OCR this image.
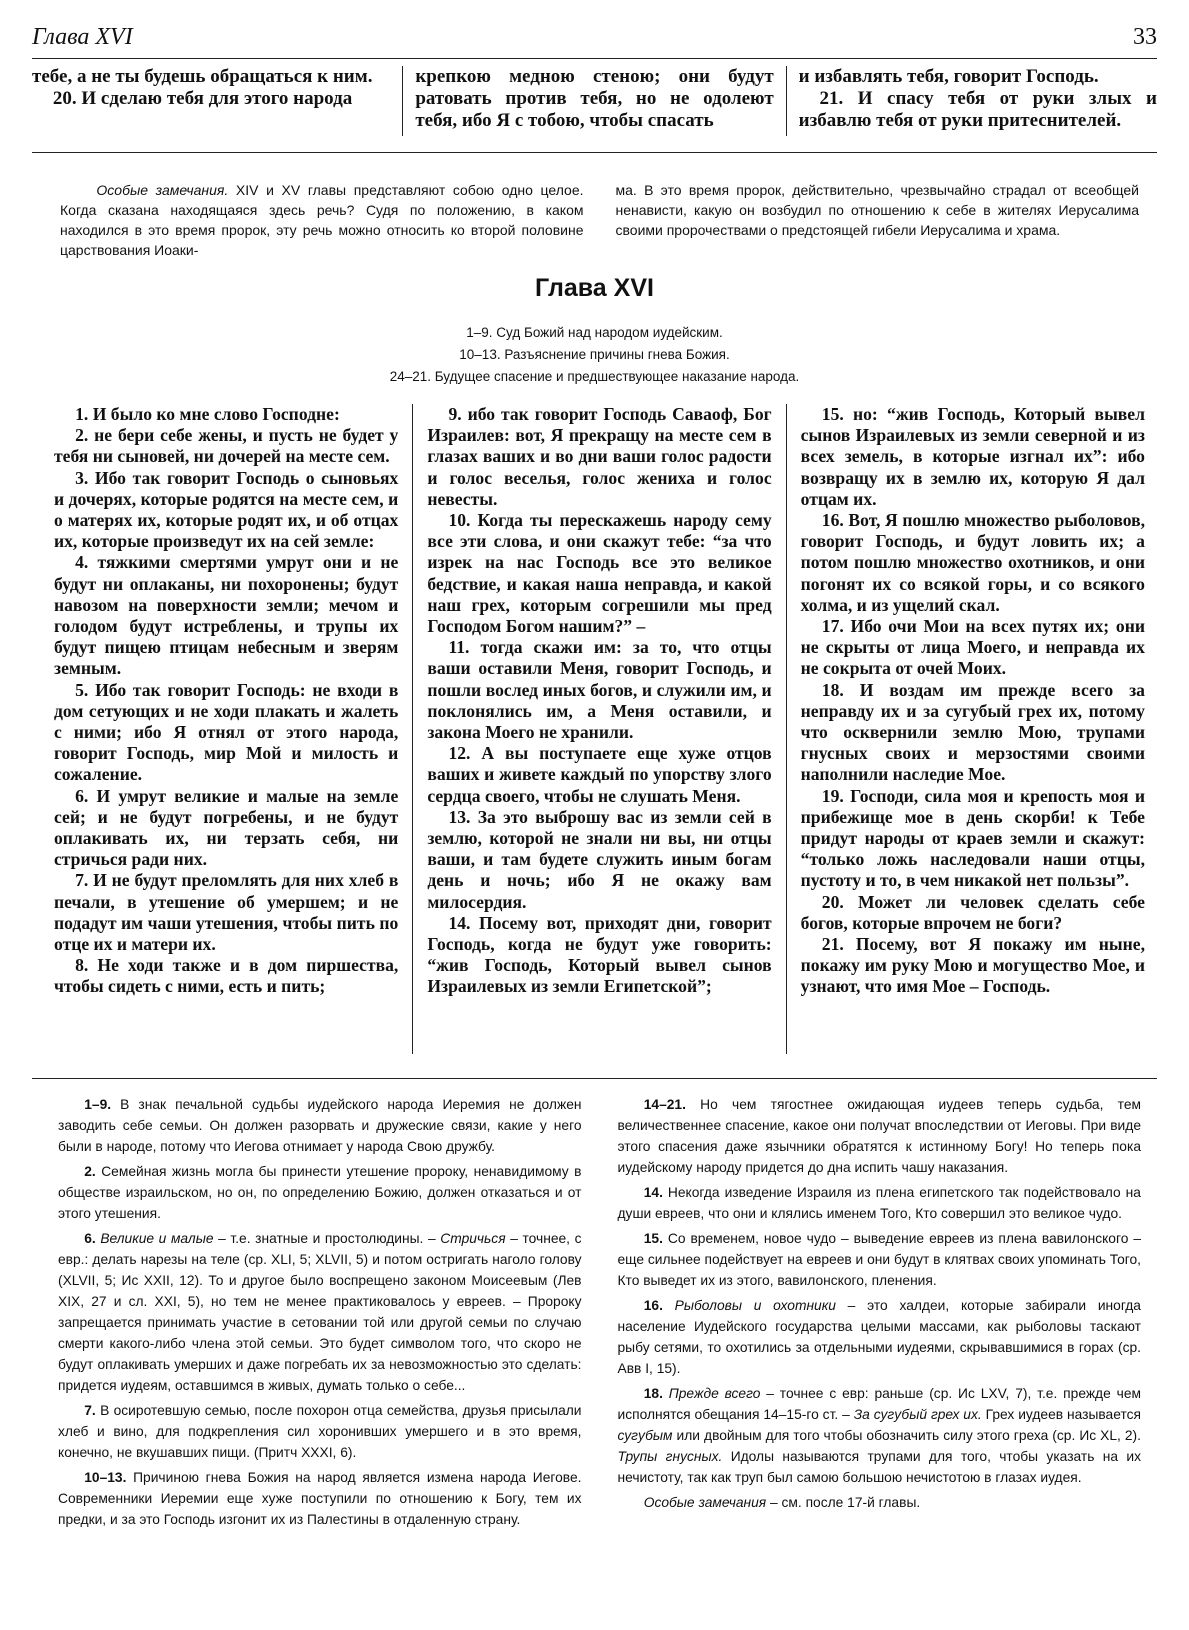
Глава XVI	33

тебе, а не ты будешь обращаться к ним.

20. И сделаю тебя для этого народа

крепкою медною стеною; они будут ратовать против тебя, но не одолеют тебя, ибо Я с тобою, чтобы спасать

и избавлять тебя, говорит Господь.

21. И спасу тебя от руки злых и избавлю тебя от руки притеснителей.

Особые замечания. XIV и XV главы представляют собою одно целое. Когда сказана находящаяся здесь речь? Судя по положению, в каком находился в это время пророк, эту речь можно относить ко второй половине царствования Иоаки-

ма. В это время пророк, действительно, чрезвычайно страдал от всеобщей ненависти, какую он возбудил по отношению к себе в жителях Иерусалима своими пророчествами о предстоящей гибели Иерусалима и храма.

Глава XVI
1–9. Суд Божий над народом иудейским.
10–13. Разъяснение причины гнева Божия.
24–21. Будущее спасение и предшествующее наказание народа.

1. И было ко мне слово Господне:

2. не бери себе жены, и пусть не будет у тебя ни сыновей, ни дочерей на месте сем.

3. Ибо так говорит Господь о сыновьях и дочерях, которые родятся на месте сем, и о матерях их, которые родят их, и об отцах их, которые произведут их на сей земле:

4. тяжкими смертями умрут они и не будут ни оплаканы, ни похоронены; будут навозом на поверхности земли; мечом и голодом будут истреблены, и трупы их будут пищею птицам небесным и зверям земным.

5. Ибо так говорит Господь: не входи в дом сетующих и не ходи плакать и жалеть с ними; ибо Я отнял от этого народа, говорит Господь, мир Мой и милость и сожаление.

6. И умрут великие и малые на земле сей; и не будут погребены, и не будут оплакивать их, ни терзать себя, ни стричься ради них.

7. И не будут преломлять для них хлеб в печали, в утешение об умершем; и не подадут им чаши утешения, чтобы пить по отце их и матери их.

8. Не ходи также и в дом пиршества, чтобы сидеть с ними, есть и пить;

9. ибо так говорит Господь Саваоф, Бог Израилев: вот, Я прекращу на месте сем в глазах ваших и во дни ваши голос радости и голос веселья, голос жениха и голос невесты.

10. Когда ты перескажешь народу сему все эти слова, и они скажут тебе: “за что изрек на нас Господь все это великое бедствие, и какая наша неправда, и какой наш грех, которым согрешили мы пред Господом Богом нашим?” –

11. тогда скажи им: за то, что отцы ваши оставили Меня, говорит Господь, и пошли вослед иных богов, и служили им, и поклонялись им, а Меня оставили, и закона Моего не хранили.

12. А вы поступаете еще хуже отцов ваших и живете каждый по упорству злого сердца своего, чтобы не слушать Меня.

13. За это выброшу вас из земли сей в землю, которой не знали ни вы, ни отцы ваши, и там будете служить иным богам день и ночь; ибо Я не окажу вам милосердия.

14. Посему вот, приходят дни, говорит Господь, когда не будут уже говорить: “жив Господь, Который вывел сынов Израилевых из земли Египетской”;

15. но: “жив Господь, Который вывел сынов Израилевых из земли северной и из всех земель, в которые изгнал их”: ибо возвращу их в землю их, которую Я дал отцам их.

16. Вот, Я пошлю множество рыболовов, говорит Господь, и будут ловить их; а потом пошлю множество охотников, и они погонят их со всякой горы, и со всякого холма, и из ущелий скал.

17. Ибо очи Мои на всех путях их; они не скрыты от лица Моего, и неправда их не сокрыта от очей Моих.

18. И воздам им прежде всего за неправду их и за сугубый грех их, потому что осквернили землю Мою, трупами гнусных своих и мерзостями своими наполнили наследие Мое.

19. Господи, сила моя и крепость моя и прибежище мое в день скорби! к Тебе придут народы от краев земли и скажут: “только ложь наследовали наши отцы, пустоту и то, в чем никакой нет пользы”.

20. Может ли человек сделать себе богов, которые впрочем не боги?

21. Посему, вот Я покажу им ныне, покажу им руку Мою и могущество Мое, и узнают, что имя Мое – Господь.

1–9. В знак печальной судьбы иудейского народа Иеремия не должен заводить себе семьи. Он должен разорвать и дружеские связи, какие у него были в народе, потому что Иегова отнимает у народа Свою дружбу.

2. Семейная жизнь могла бы принести утешение пророку, ненавидимому в обществе израильском, но он, по определению Божию, должен отказаться и от этого утешения.

6. Великие и малые – т.е. знатные и простолюдины. – Стричься – точнее, с евр.: делать нарезы на теле (ср. XLI, 5; XLVII, 5) и потом остригать наголо голову (XLVII, 5; Ис XXII, 12). То и другое было воспрещено законом Моисеевым (Лев XIX, 27 и сл. XXI, 5), но тем не менее практиковалось у евреев. – Пророку запрещается принимать участие в сетовании той или другой семьи по случаю смерти какого-либо члена этой семьи. Это будет символом того, что скоро не будут оплакивать умерших и даже погребать их за невозможностью это сделать: придется иудеям, оставшимся в живых, думать только о себе...

7. В осиротевшую семью, после похорон отца семейства, друзья присылали хлеб и вино, для подкрепления сил хоронивших умершего и в это время, конечно, не вкушавших пищи. (Притч XXXI, 6).

10–13. Причиною гнева Божия на народ является измена народа Иегове. Современники Иеремии еще хуже поступили по отношению к Богу, тем их предки, и за это Господь изгонит их из Палестины в отдаленную страну.

14–21. Но чем тягостнее ожидающая иудеев теперь судьба, тем величественнее спасение, какое они получат впоследствии от Иеговы. При виде этого спасения даже язычники обратятся к истинному Богу! Но теперь пока иудейскому народу придется до дна испить чашу наказания.

14. Некогда изведение Израиля из плена египетского так подействовало на души евреев, что они и клялись именем Того, Кто совершил это великое чудо.

15. Со временем, новое чудо – выведение евреев из плена вавилонского – еще сильнее подействует на евреев и они будут в клятвах своих упоминать Того, Кто выведет их из этого, вавилонского, пленения.

16. Рыболовы и охотники – это халдеи, которые забирали иногда население Иудейского государства целыми массами, как рыболовы таскают рыбу сетями, то охотились за отдельными иудеями, скрывавшимися в горах (ср. Авв I, 15).

18. Прежде всего – точнее с евр: раньше (ср. Ис LXV, 7), т.е. прежде чем исполнятся обещания 14–15-го ст. – За сугубый грех их. Грех иудеев называется сугубым или двойным для того чтобы обозначить силу этого греха (ср. Ис XL, 2). Трупы гнусных. Идолы называются трупами для того, чтобы указать на их нечистоту, так как труп был самою большою нечистотою в глазах иудея.

Особые замечания – см. после 17-й главы.
